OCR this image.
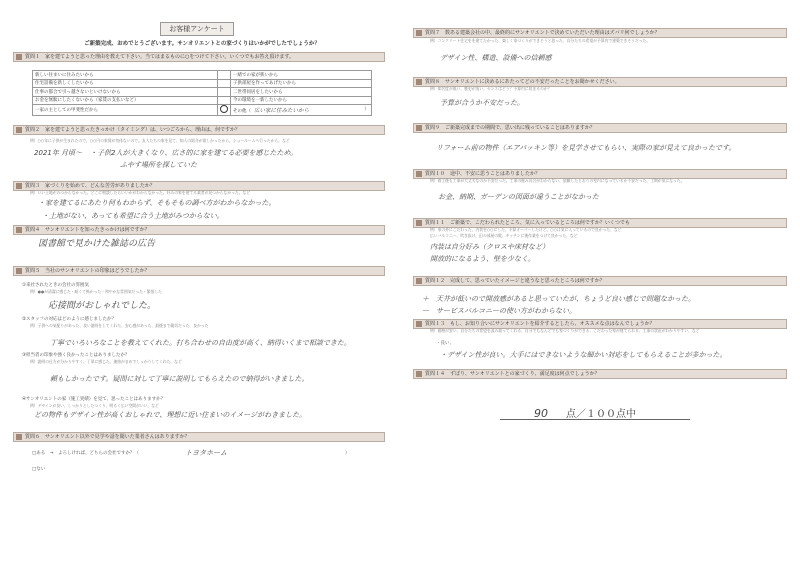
お客様アンケート
ご新築完成、おめでとうございます。サンオリエントとの家づくりはいかがでしたでしょうか？
質問１　家を建てようと思った理由を教えて下さい。当てはまるものに○をつけて下さい。いくつでもお答え頂けます。
新しい住まいに住みたいから		一緒での家が狭いから
住宅設備を新しくしたいから		子供部屋を作ってあげたいから
仕事の都合で引っ越さないといけないから		二世帯同居をしたいから
お金を無駄にしたくないから（家賃の支払いなど）		今の環境を一新したいから
一家の主としての甲斐性だから		その他（ 広い家に住みたいから ）
質問２　家を建てようと思ったきっかけ（タイミング）は、いつごろから、理由は、何ですか？
例）○○年に子供が生まれたので。○○円の家賃が勿体ないので。友人たちの家を見て、知人の紹介が欲しかったから。ショールームへ行ったから。など
2021年 月頃～ ・子供2人が大きくなり、広さ的に家を建てる必要を感じたため。
ふやす場所を探していた
質問３　家づくりを始めて、どんな苦労がありましたか？
例）いい土地がみつからなかった。どこに相談したらいいかがわからなかった。好みの家を建てる業者が見つからなかった。など
・家を建てるにあたり何もわからず、そもそもの調べ方がわからなかった。
・土地がない、あっても希望に合う土地がみつからない。
質問４　サンオリエントを知ったきっかけは何ですか？
図書館で見かけた雑誌の広告
質問５　当社のサンオリエントの印象はどうでしたか？
①来社されたときの会社の雰囲気
例）●●が清潔に感じた・暗くて怖かった・和やかな雰囲気だった・緊張した
応接間がおしゃれでした。
②スタッフの対応はどのように感じましたか？
例）子供への気配りがあった、良い説明をしてくれた、安心感があった、最後まで親切だった、良かった
丁寧でいろいろなことを教えてくれた。打ち合わせの自由度が高く、納得いくまで相談できた。
③担当者の印象や強く良かったことはありましたか？
例）説明の仕方が分かりやすく、丁寧に感じた。連絡がまめでしっかりしてくれた、など
頼もしかったです。疑問に対して丁寧に説明してもらえたので納得がいきました。
④サンオリエントの家（施工実績）を見て、思ったことはありますか？
例）デザインが良い、しっかりとしたつくり、明るく広い空間がいい、など
どの物件もデザイン性が高くおしゃれで、理想に近い住まいのイメージがわきました。
質問６　サンオリエント以外で見学や話を聞いた業者さんはありますか？
□ある　→　よろしければ、どちらの会社ですか？（	トヨタホーム	）
□ない
質問７　数ある建築会社の中、最終的にサンオリエントで決めていただいた理由はズバリ何でしょうか？
例）コンクリート住宅をを建てたかった、楽しく家づくりができそうと思った、自分たちの希望が予算内で建築できそうだった。
デザイン性、構造、設備への信頼感
質問８　サンオリエントに決めるにあたってどの不安だったことをお聞かせください。
例）知名度が低い、歴史が浅い、センスはどう？予算内に収まるのか？
予算が合うか不安だった。
質問９　ご新築完成までの期間で、思い出に残っていることはありますか？
リフォーム前の物件（エアパッキン等）を見学させてもらい、実際の家が見えて良かったです。
質問１０　途中、不安に思うことはありましたか？
例）着工後も工事が大丈夫なのか不安だった。工事の進み具合がわからない、依頼したとおりの室内になっているか不安だった、工期が気になった。
お金、納期、ガーデンの図面が違うことがなかった
質問１１　ご新築で、こだわられたところ、気に入っているところは何ですか？いくつでも
例）家の外にこだわった、内装を○○にした、予算オーバーしたけど、○○は気に入っているので良かった、など
広いバルコニー、吹き抜け、幻の部屋の数、キッチンに後作業をつけて良かった、など
内装は自分好み（クロスや床材など）
開放的になるよう、壁を少なく。
質問１２　完成して、思っていたイメージと違うなと思ったところは何ですか？
＋ 天井が低いので開放感があると思っていたが、ちょうど良い感じで問題なかった。
ー サービスバルコニーの使い方がわからない。
質問１３　もし、お知り合いにサンオリエントを紹介するとしたら、オススメな点はなんでしょうか？
例）価格が安い、自分たちの希望を汲み取ってくれる、自分でもなんどでも家づくりができる、こだわった家が建てられる、工事の状況がわかりやすい、など
・良い、
・デザイン性が良い。大手にはできないような細かい対応をしてもらえることが多かった。
質問１４　ずばり、サンオリエントとの家づくり、満足度は何点でしょうか？
90 点／１００点中
